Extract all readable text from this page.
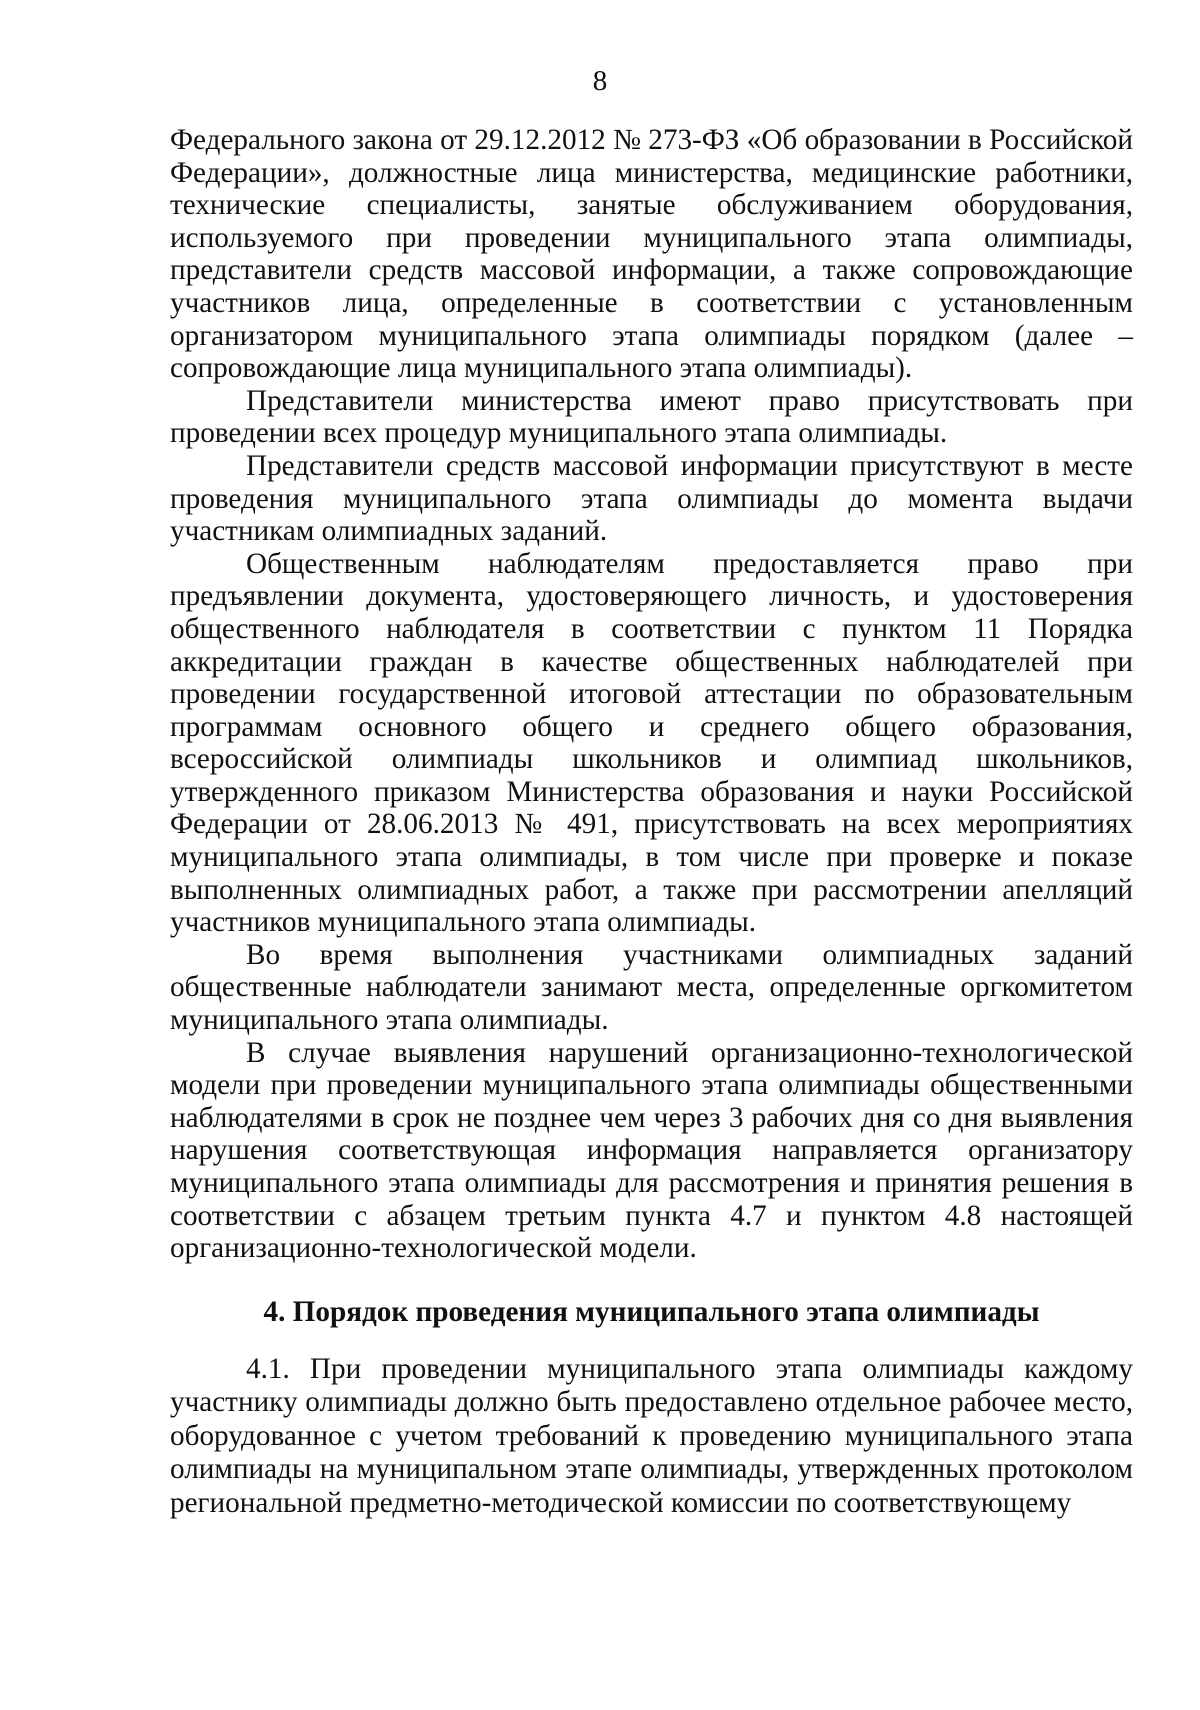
8

Федерального закона от 29.12.2012 № 273-ФЗ «Об образовании в Российской Федерации», должностные лица министерства, медицинские работники, технические специалисты, занятые обслуживанием оборудования, используемого при проведении муниципального этапа олимпиады, представители средств массовой информации, а также сопровождающие участников лица, определенные в соответствии с установленным организатором муниципального этапа олимпиады порядком (далее – сопровождающие лица муниципального этапа олимпиады).

Представители министерства имеют право присутствовать при проведении всех процедур муниципального этапа олимпиады.

Представители средств массовой информации присутствуют в месте проведения муниципального этапа олимпиады до момента выдачи участникам олимпиадных заданий.

Общественным наблюдателям предоставляется право при предъявлении документа, удостоверяющего личность, и удостоверения общественного наблюдателя в соответствии с пунктом 11 Порядка аккредитации граждан в качестве общественных наблюдателей при проведении государственной итоговой аттестации по образовательным программам основного общего и среднего общего образования, всероссийской олимпиады школьников и олимпиад школьников, утвержденного приказом Министерства образования и науки Российской Федерации от 28.06.2013 № 491, присутствовать на всех мероприятиях муниципального этапа олимпиады, в том числе при проверке и показе выполненных олимпиадных работ, а также при рассмотрении апелляций участников муниципального этапа олимпиады.

Во время выполнения участниками олимпиадных заданий общественные наблюдатели занимают места, определенные оргкомитетом муниципального этапа олимпиады.

В случае выявления нарушений организационно-технологической модели при проведении муниципального этапа олимпиады общественными наблюдателями в срок не позднее чем через 3 рабочих дня со дня выявления нарушения соответствующая информация направляется организатору муниципального этапа олимпиады для рассмотрения и принятия решения в соответствии с абзацем третьим пункта 4.7 и пунктом 4.8 настоящей организационно-технологической модели.

4. Порядок проведения муниципального этапа олимпиады

4.1. При проведении муниципального этапа олимпиады каждому участнику олимпиады должно быть предоставлено отдельное рабочее место, оборудованное с учетом требований к проведению муниципального этапа олимпиады на муниципальном этапе олимпиады, утвержденных протоколом региональной предметно-методической комиссии по соответствующему
